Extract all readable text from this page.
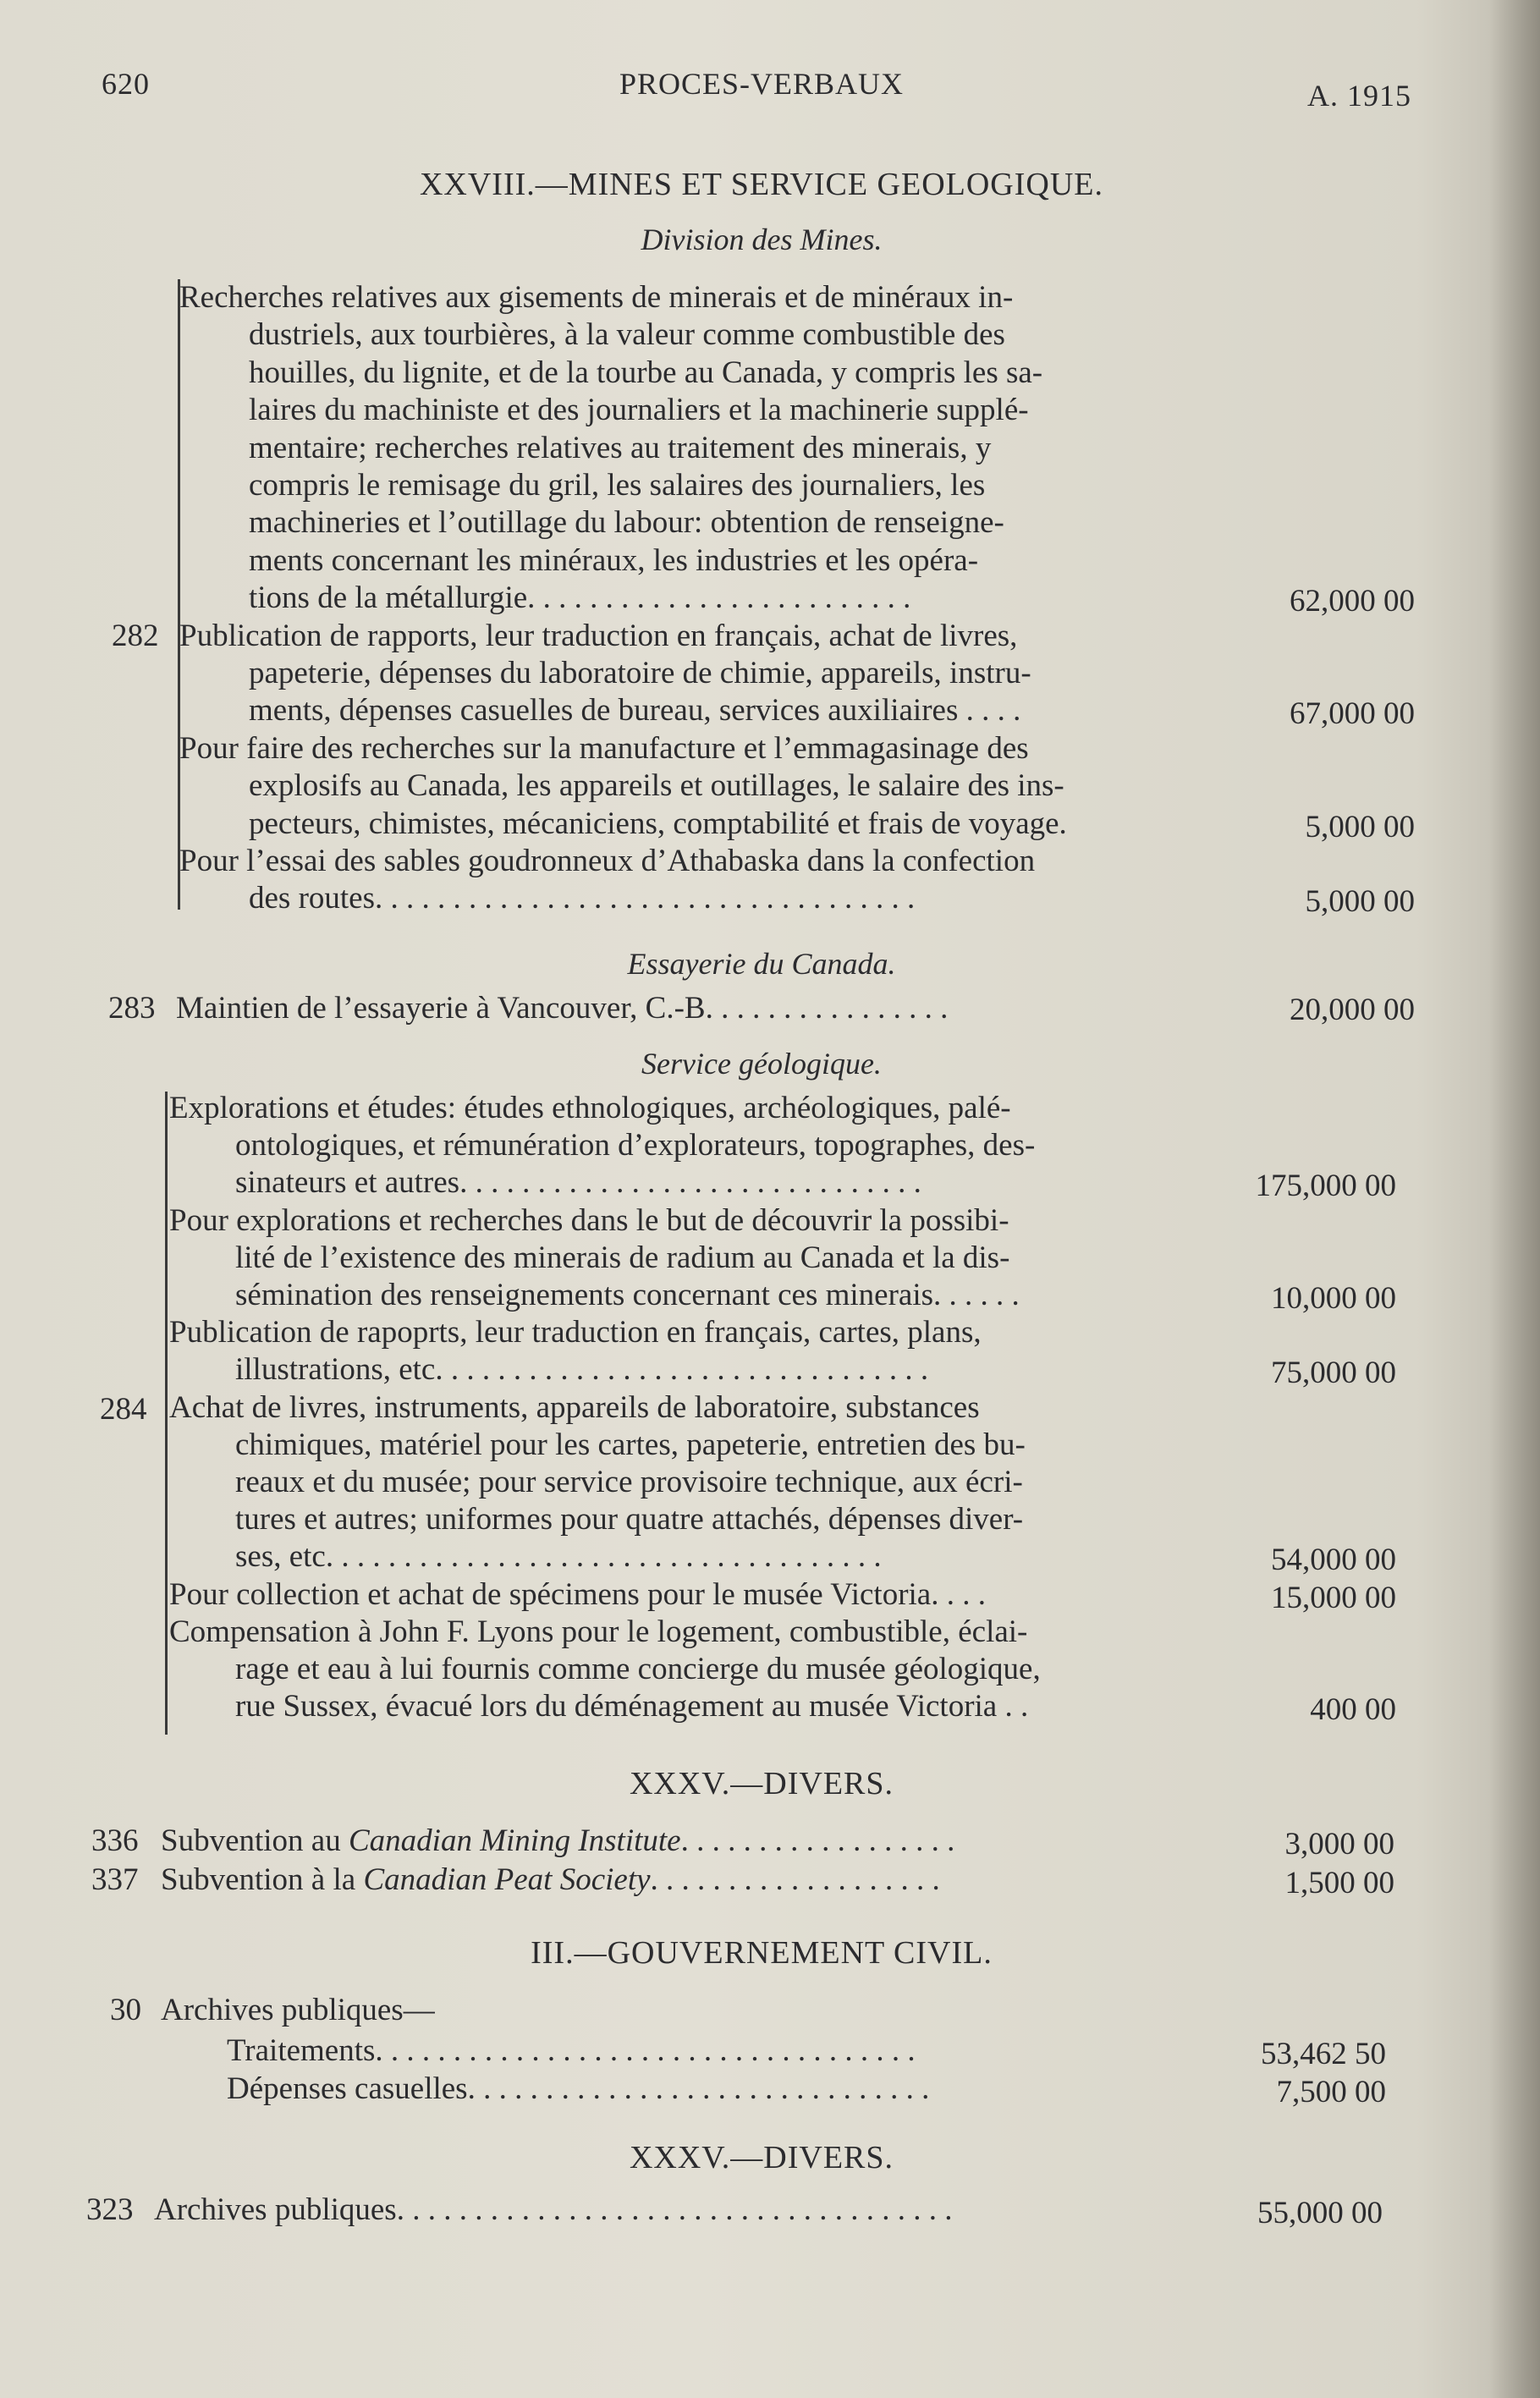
620	PROCES-VERBAUX	A. 1915
XXVIII.—MINES ET SERVICE GEOLOGIQUE.
Division des Mines.
282
Recherches relatives aux gisements de minerais et de minéraux in-
dustriels, aux tourbières, à la valeur comme combustible des
houilles, du lignite, et de la tourbe au Canada, y compris les sa-
laires du machiniste et des journaliers et la machinerie supplé-
mentaire; recherches relatives au traitement des minerais, y
compris le remisage du gril, les salaires des journaliers, les
machineries et l’outillage du labour: obtention de renseigne-
ments concernant les minéraux, les industries et les opéra-
tions de la métallurgie. . . . . . . . . . . . . . . . . . . . . . . . .	62,000 00
Publication de rapports, leur traduction en français, achat de livres,
papeterie, dépenses du laboratoire de chimie, appareils, instru-
ments, dépenses casuelles de bureau, services auxiliaires . . . .	67,000 00
Pour faire des recherches sur la manufacture et l’emmagasinage des
explosifs au Canada, les appareils et outillages, le salaire des ins-
pecteurs, chimistes, mécaniciens, comptabilité et frais de voyage.	5,000 00
Pour l’essai des sables goudronneux d’Athabaska dans la confection
des routes. . . . . . . . . . . . . . . . . . . . . . . . . . . . . . . . . . .	5,000 00
Essayerie du Canada.
283 Maintien de l’essayerie à Vancouver, C.-B. . . . . . . . . . . . . . . .	20,000 00
Service géologique.
284
Explorations et études: études ethnologiques, archéologiques, palé-
ontologiques, et rémunération d’explorateurs, topographes, des-
sinateurs et autres. . . . . . . . . . . . . . . . . . . . . . . . . . . . . .	175,000 00
Pour explorations et recherches dans le but de découvrir la possibi-
lité de l’existence des minerais de radium au Canada et la dis-
sémination des renseignements concernant ces minerais. . . . . .	10,000 00
Publication de rapoprts, leur traduction en français, cartes, plans,
illustrations, etc. . . . . . . . . . . . . . . . . . . . . . . . . . . . . . . .	75,000 00
Achat de livres, instruments, appareils de laboratoire, substances
chimiques, matériel pour les cartes, papeterie, entretien des bu-
reaux et du musée; pour service provisoire technique, aux écri-
tures et autres; uniformes pour quatre attachés, dépenses diver-
ses, etc. . . . . . . . . . . . . . . . . . . . . . . . . . . . . . . . . . . .	54,000 00
Pour collection et achat de spécimens pour le musée Victoria. . . .	15,000 00
Compensation à John F. Lyons pour le logement, combustible, éclai-
rage et eau à lui fournis comme concierge du musée géologique,
rue Sussex, évacué lors du déménagement au musée Victoria . .	400 00
XXXV.—DIVERS.
336 Subvention au Canadian Mining Institute. . . . . . . . . . . . . . . . . .	3,000 00
337 Subvention à la Canadian Peat Society. . . . . . . . . . . . . . . . . . .	1,500 00
III.—GOUVERNEMENT CIVIL.
30 Archives publiques—
Traitements. . . . . . . . . . . . . . . . . . . . . . . . . . . . . . . . . . .	53,462 50
Dépenses casuelles. . . . . . . . . . . . . . . . . . . . . . . . . . . . . .	7,500 00
XXXV.—DIVERS.
323 Archives publiques. . . . . . . . . . . . . . . . . . . . . . . . . . . . . . . . . . . .	55,000 00
